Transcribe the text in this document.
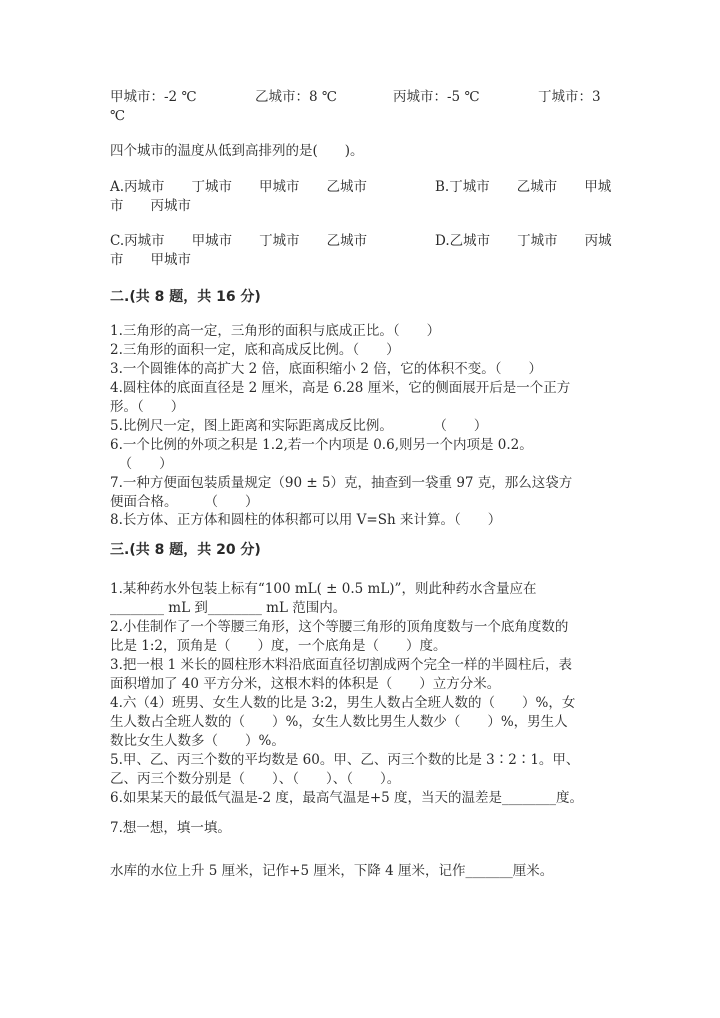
甲城市：-2 ℃	乙城市：8 ℃	丙城市：-5 ℃	丁城市：3
℃
四个城市的温度从低到高排列的是(　　)。
A.丙城市　　丁城市　　甲城市　　乙城市	B.丁城市　　乙城市　　甲城
市　　丙城市
C.丙城市　　甲城市　　丁城市　　乙城市	D.乙城市　　丁城市　　丙城
市　　甲城市
二.(共 8 题，共 16 分)
1.三角形的高一定，三角形的面积与底成正比。（　　）
2.三角形的面积一定，底和高成反比例。（　　）
3.一个圆锥体的高扩大 2 倍，底面积缩小 2 倍，它的体积不变。（　　）
4.圆柱体的底面直径是 2 厘米，高是 6.28 厘米，它的侧面展开后是一个正方
形。（　　）
5.比例尺一定，图上距离和实际距离成反比例。　　　　（　　）
6.一个比例的外项之积是 1.2,若一个内项是 0.6,则另一个内项是 0.2。
（　　）
7.一种方便面包装质量规定（90 ± 5）克，抽查到一袋重 97 克，那么这袋方
便面合格。　　　（　　）
8.长方体、正方体和圆柱的体积都可以用 V=Sh 来计算。（　　）
三.(共 8 题，共 20 分)
1.某种药水外包装上标有“100 mL( ± 0.5 mL)”，则此种药水含量应在
________ mL 到________ mL 范围内。
2.小佳制作了一个等腰三角形，这个等腰三角形的顶角度数与一个底角度数的
比是 1:2，顶角是（　　）度，一个底角是（　　）度。
3.把一根 1 米长的圆柱形木料沿底面直径切割成两个完全一样的半圆柱后，表
面积增加了 40 平方分米，这根木料的体积是（　　）立方分米。
4.六（4）班男、女生人数的比是 3:2，男生人数占全班人数的（　　）%，女
生人数占全班人数的（　　）%，女生人数比男生人数少（　　）%，男生人
数比女生人数多（　　）%。
5.甲、乙、丙三个数的平均数是 60。甲、乙、丙三个数的比是 3∶2∶1。甲、
乙、丙三个数分别是（　　）、（　　）、（　　）。
6.如果某天的最低气温是-2 度，最高气温是+5 度，当天的温差是________度。
7.想一想，填一填。
水库的水位上升 5 厘米，记作+5 厘米，下降 4 厘米，记作_______厘米。
